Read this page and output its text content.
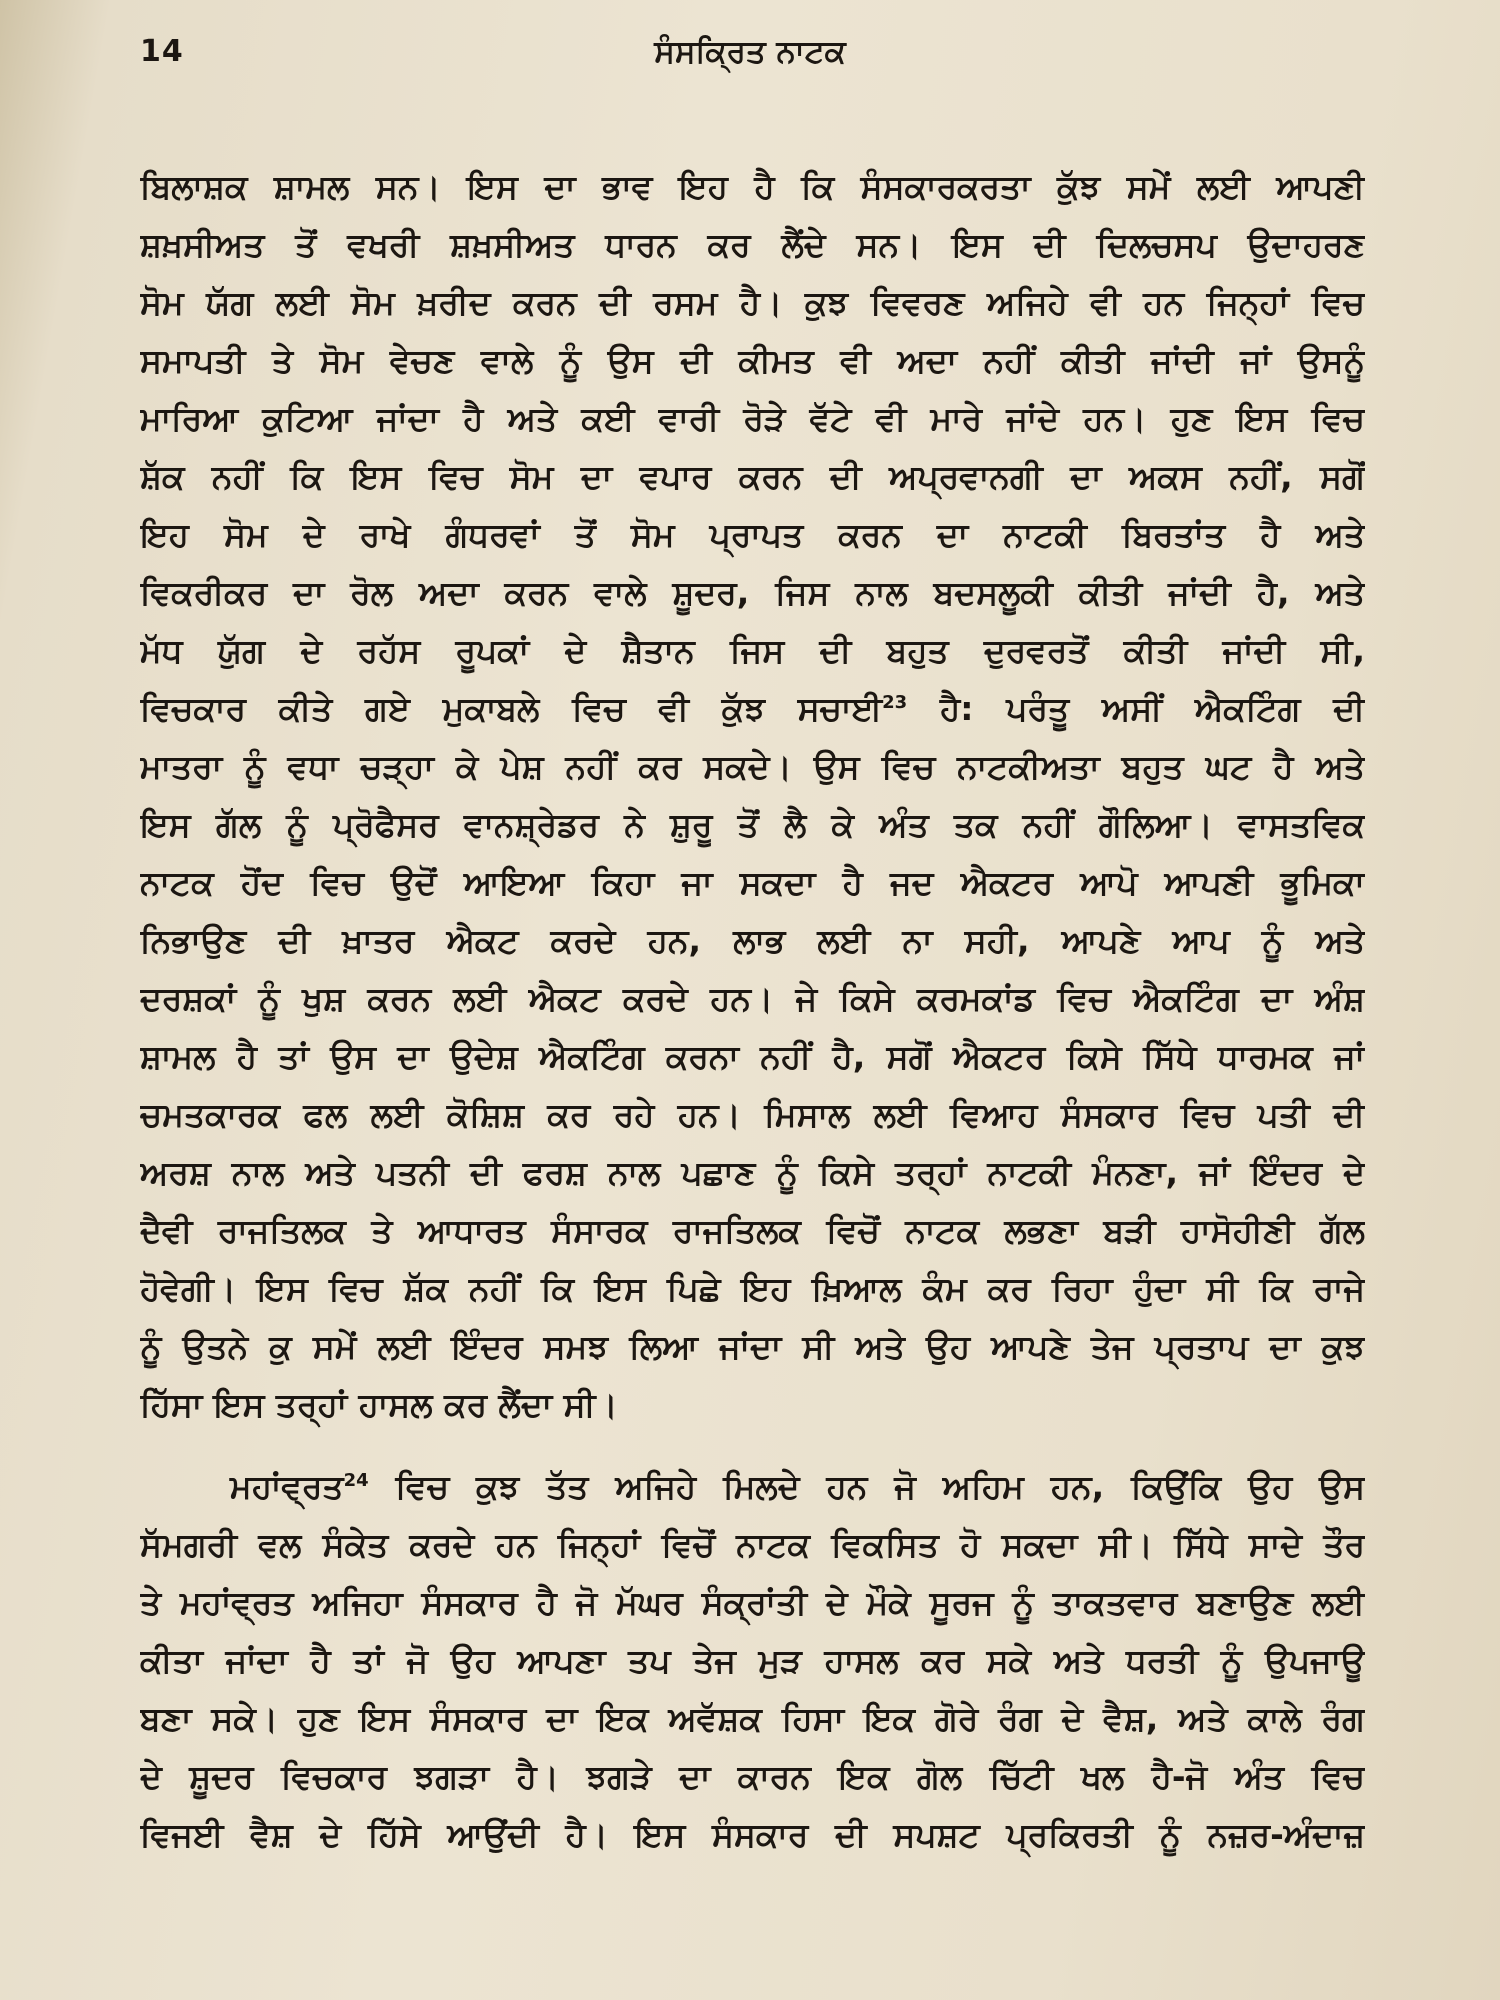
14	ਸੰਸਕ੍ਰਿਤ ਨਾਟਕ
ਬਿਲਾਸ਼ਕ ਸ਼ਾਮਲ ਸਨ। ਇਸ ਦਾ ਭਾਵ ਇਹ ਹੈ ਕਿ ਸੰਸਕਾਰਕਰਤਾ ਕੁੱਝ ਸਮੇਂ ਲਈ ਆਪਣੀ
ਸ਼ਖ਼ਸੀਅਤ ਤੋਂ ਵਖਰੀ ਸ਼ਖ਼ਸੀਅਤ ਧਾਰਨ ਕਰ ਲੈਂਦੇ ਸਨ। ਇਸ ਦੀ ਦਿਲਚਸਪ ਉਦਾਹਰਣ
ਸੋਮ ਯੱਗ ਲਈ ਸੋਮ ਖ਼ਰੀਦ ਕਰਨ ਦੀ ਰਸਮ ਹੈ। ਕੁਝ ਵਿਵਰਣ ਅਜਿਹੇ ਵੀ ਹਨ ਜਿਨ੍ਹਾਂ ਵਿਚ
ਸਮਾਪਤੀ ਤੇ ਸੋਮ ਵੇਚਣ ਵਾਲੇ ਨੂੰ ਉਸ ਦੀ ਕੀਮਤ ਵੀ ਅਦਾ ਨਹੀਂ ਕੀਤੀ ਜਾਂਦੀ ਜਾਂ ਉਸਨੂੰ
ਮਾਰਿਆ ਕੁਟਿਆ ਜਾਂਦਾ ਹੈ ਅਤੇ ਕਈ ਵਾਰੀ ਰੋੜੇ ਵੱਟੇ ਵੀ ਮਾਰੇ ਜਾਂਦੇ ਹਨ। ਹੁਣ ਇਸ ਵਿਚ
ਸ਼ੱਕ ਨਹੀਂ ਕਿ ਇਸ ਵਿਚ ਸੋਮ ਦਾ ਵਪਾਰ ਕਰਨ ਦੀ ਅਪ੍ਰਵਾਨਗੀ ਦਾ ਅਕਸ ਨਹੀਂ, ਸਗੋਂ
ਇਹ ਸੋਮ ਦੇ ਰਾਖੇ ਗੰਧਰਵਾਂ ਤੋਂ ਸੋਮ ਪ੍ਰਾਪਤ ਕਰਨ ਦਾ ਨਾਟਕੀ ਬਿਰਤਾਂਤ ਹੈ ਅਤੇ
ਵਿਕਰੀਕਰ ਦਾ ਰੋਲ ਅਦਾ ਕਰਨ ਵਾਲੇ ਸ਼ੂਦਰ, ਜਿਸ ਨਾਲ ਬਦਸਲੂਕੀ ਕੀਤੀ ਜਾਂਦੀ ਹੈ, ਅਤੇ
ਮੱਧ ਯੁੱਗ ਦੇ ਰਹੱਸ ਰੂਪਕਾਂ ਦੇ ਸ਼ੈਤਾਨ ਜਿਸ ਦੀ ਬਹੁਤ ਦੁਰਵਰਤੋਂ ਕੀਤੀ ਜਾਂਦੀ ਸੀ,
ਵਿਚਕਾਰ ਕੀਤੇ ਗਏ ਮੁਕਾਬਲੇ ਵਿਚ ਵੀ ਕੁੱਝ ਸਚਾਈ$^{23}$ ਹੈ: ਪਰੰਤੂ ਅਸੀਂ ਐਕਟਿੰਗ ਦੀ
ਮਾਤਰਾ ਨੂੰ ਵਧਾ ਚੜ੍ਹਾ ਕੇ ਪੇਸ਼ ਨਹੀਂ ਕਰ ਸਕਦੇ। ਉਸ ਵਿਚ ਨਾਟਕੀਅਤਾ ਬਹੁਤ ਘਟ ਹੈ ਅਤੇ
ਇਸ ਗੱਲ ਨੂੰ ਪ੍ਰੋਫੈਸਰ ਵਾਨਸ਼੍ਰੇਡਰ ਨੇ ਸ਼ੁਰੂ ਤੋਂ ਲੈ ਕੇ ਅੰਤ ਤਕ ਨਹੀਂ ਗੌਲਿਆ। ਵਾਸਤਵਿਕ
ਨਾਟਕ ਹੋਂਦ ਵਿਚ ਉਦੋਂ ਆਇਆ ਕਿਹਾ ਜਾ ਸਕਦਾ ਹੈ ਜਦ ਐਕਟਰ ਆਪੋ ਆਪਣੀ ਭੂਮਿਕਾ
ਨਿਭਾਉਣ ਦੀ ਖ਼ਾਤਰ ਐਕਟ ਕਰਦੇ ਹਨ, ਲਾਭ ਲਈ ਨਾ ਸਹੀ, ਆਪਣੇ ਆਪ ਨੂੰ ਅਤੇ
ਦਰਸ਼ਕਾਂ ਨੂੰ ਖੁਸ਼ ਕਰਨ ਲਈ ਐਕਟ ਕਰਦੇ ਹਨ। ਜੇ ਕਿਸੇ ਕਰਮਕਾਂਡ ਵਿਚ ਐਕਟਿੰਗ ਦਾ ਅੰਸ਼
ਸ਼ਾਮਲ ਹੈ ਤਾਂ ਉਸ ਦਾ ਉਦੇਸ਼ ਐਕਟਿੰਗ ਕਰਨਾ ਨਹੀਂ ਹੈ, ਸਗੋਂ ਐਕਟਰ ਕਿਸੇ ਸਿੱਧੇ ਧਾਰਮਕ ਜਾਂ
ਚਮਤਕਾਰਕ ਫਲ ਲਈ ਕੋਸ਼ਿਸ਼ ਕਰ ਰਹੇ ਹਨ। ਮਿਸਾਲ ਲਈ ਵਿਆਹ ਸੰਸਕਾਰ ਵਿਚ ਪਤੀ ਦੀ
ਅਰਸ਼ ਨਾਲ ਅਤੇ ਪਤਨੀ ਦੀ ਫਰਸ਼ ਨਾਲ ਪਛਾਣ ਨੂੰ ਕਿਸੇ ਤਰ੍ਹਾਂ ਨਾਟਕੀ ਮੰਨਣਾ, ਜਾਂ ਇੰਦਰ ਦੇ
ਦੈਵੀ ਰਾਜਤਿਲਕ ਤੇ ਆਧਾਰਤ ਸੰਸਾਰਕ ਰਾਜਤਿਲਕ ਵਿਚੋਂ ਨਾਟਕ ਲਭਣਾ ਬੜੀ ਹਾਸੋਹੀਣੀ ਗੱਲ
ਹੋਵੇਗੀ। ਇਸ ਵਿਚ ਸ਼ੱਕ ਨਹੀਂ ਕਿ ਇਸ ਪਿਛੇ ਇਹ ਖ਼ਿਆਲ ਕੰਮ ਕਰ ਰਿਹਾ ਹੁੰਦਾ ਸੀ ਕਿ ਰਾਜੇ
ਨੂੰ ਉਤਨੇ ਕੁ ਸਮੇਂ ਲਈ ਇੰਦਰ ਸਮਝ ਲਿਆ ਜਾਂਦਾ ਸੀ ਅਤੇ ਉਹ ਆਪਣੇ ਤੇਜ ਪ੍ਰਤਾਪ ਦਾ ਕੁਝ
ਹਿੱਸਾ ਇਸ ਤਰ੍ਹਾਂ ਹਾਸਲ ਕਰ ਲੈਂਦਾ ਸੀ।
ਮਹਾਂਵ੍ਰਤ$^{24}$ ਵਿਚ ਕੁਝ ਤੱਤ ਅਜਿਹੇ ਮਿਲਦੇ ਹਨ ਜੋ ਅਹਿਮ ਹਨ, ਕਿਉਂਕਿ ਉਹ ਉਸ
ਸੱਮਗਰੀ ਵਲ ਸੰਕੇਤ ਕਰਦੇ ਹਨ ਜਿਨ੍ਹਾਂ ਵਿਚੋਂ ਨਾਟਕ ਵਿਕਸਿਤ ਹੋ ਸਕਦਾ ਸੀ। ਸਿੱਧੇ ਸਾਦੇ ਤੌਰ
ਤੇ ਮਹਾਂਵ੍ਰਤ ਅਜਿਹਾ ਸੰਸਕਾਰ ਹੈ ਜੋ ਮੱਘਰ ਸੰਕ੍ਰਾਂਤੀ ਦੇ ਮੌਕੇ ਸੂਰਜ ਨੂੰ ਤਾਕਤਵਾਰ ਬਣਾਉਣ ਲਈ
ਕੀਤਾ ਜਾਂਦਾ ਹੈ ਤਾਂ ਜੋ ਉਹ ਆਪਣਾ ਤਪ ਤੇਜ ਮੁੜ ਹਾਸਲ ਕਰ ਸਕੇ ਅਤੇ ਧਰਤੀ ਨੂੰ ਉਪਜਾਊ
ਬਣਾ ਸਕੇ। ਹੁਣ ਇਸ ਸੰਸਕਾਰ ਦਾ ਇਕ ਅਵੱਸ਼ਕ ਹਿਸਾ ਇਕ ਗੋਰੇ ਰੰਗ ਦੇ ਵੈਸ਼, ਅਤੇ ਕਾਲੇ ਰੰਗ
ਦੇ ਸ਼ੂਦਰ ਵਿਚਕਾਰ ਝਗੜਾ ਹੈ। ਝਗੜੇ ਦਾ ਕਾਰਨ ਇਕ ਗੋਲ ਚਿੱਟੀ ਖਲ ਹੈ-ਜੋ ਅੰਤ ਵਿਚ
ਵਿਜਈ ਵੈਸ਼ ਦੇ ਹਿੱਸੇ ਆਉਂਦੀ ਹੈ। ਇਸ ਸੰਸਕਾਰ ਦੀ ਸਪਸ਼ਟ ਪ੍ਰਕਿਰਤੀ ਨੂੰ ਨਜ਼ਰ-ਅੰਦਾਜ਼
